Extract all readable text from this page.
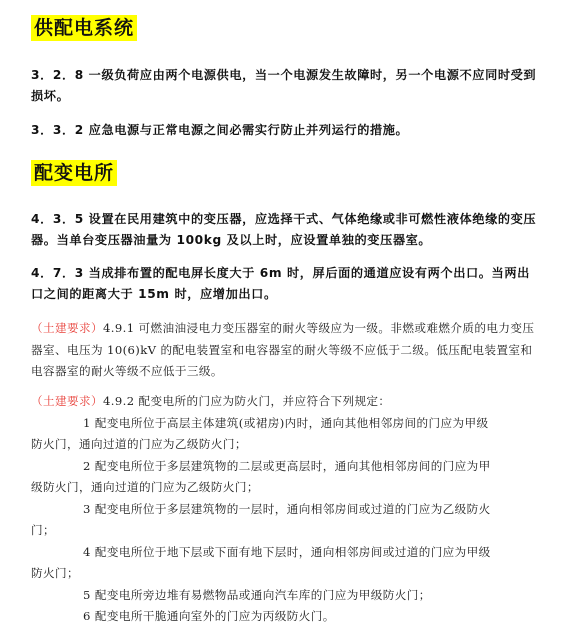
供配电系统
3．2．8 一级负荷应由两个电源供电，当一个电源发生故障时，另一个电源不应同时受到损坏。
3．3．2 应急电源与正常电源之间必需实行防止并列运行的措施。
配变电所
4．3．5 设置在民用建筑中的变压器，应选择干式、气体绝缘或非可燃性液体绝缘的变压器。当单台变压器油量为 100kg 及以上时，应设置单独的变压器室。
4．7．3 当成排布置的配电屏长度大于 6m 时，屏后面的通道应设有两个出口。当两出口之间的距离大于 15m 时，应增加出口。
（土建要求）4.9.1 可燃油油浸电力变压器室的耐火等级应为一级。非燃或难燃介质的电力变压器室、电压为 10(6)kV 的配电装置室和电容器室的耐火等级不应低于二级。低压配电装置室和电容器室的耐火等级不应低于三级。
（土建要求）4.9.2 配变电所的门应为防火门，并应符合下列规定：
1 配变电所位于高层主体建筑(或裙房)内时，通向其他相邻房间的门应为甲级
防火门，通向过道的门应为乙级防火门；
2 配变电所位于多层建筑物的二层或更高层时，通向其他相邻房间的门应为甲
级防火门，通向过道的门应为乙级防火门；
3 配变电所位于多层建筑物的一层时，通向相邻房间或过道的门应为乙级防火
门；
4 配变电所位于地下层或下面有地下层时，通向相邻房间或过道的门应为甲级
防火门；
5 配变电所旁边堆有易燃物品或通向汽车库的门应为甲级防火门；
6 配变电所干脆通向室外的门应为丙级防火门。
